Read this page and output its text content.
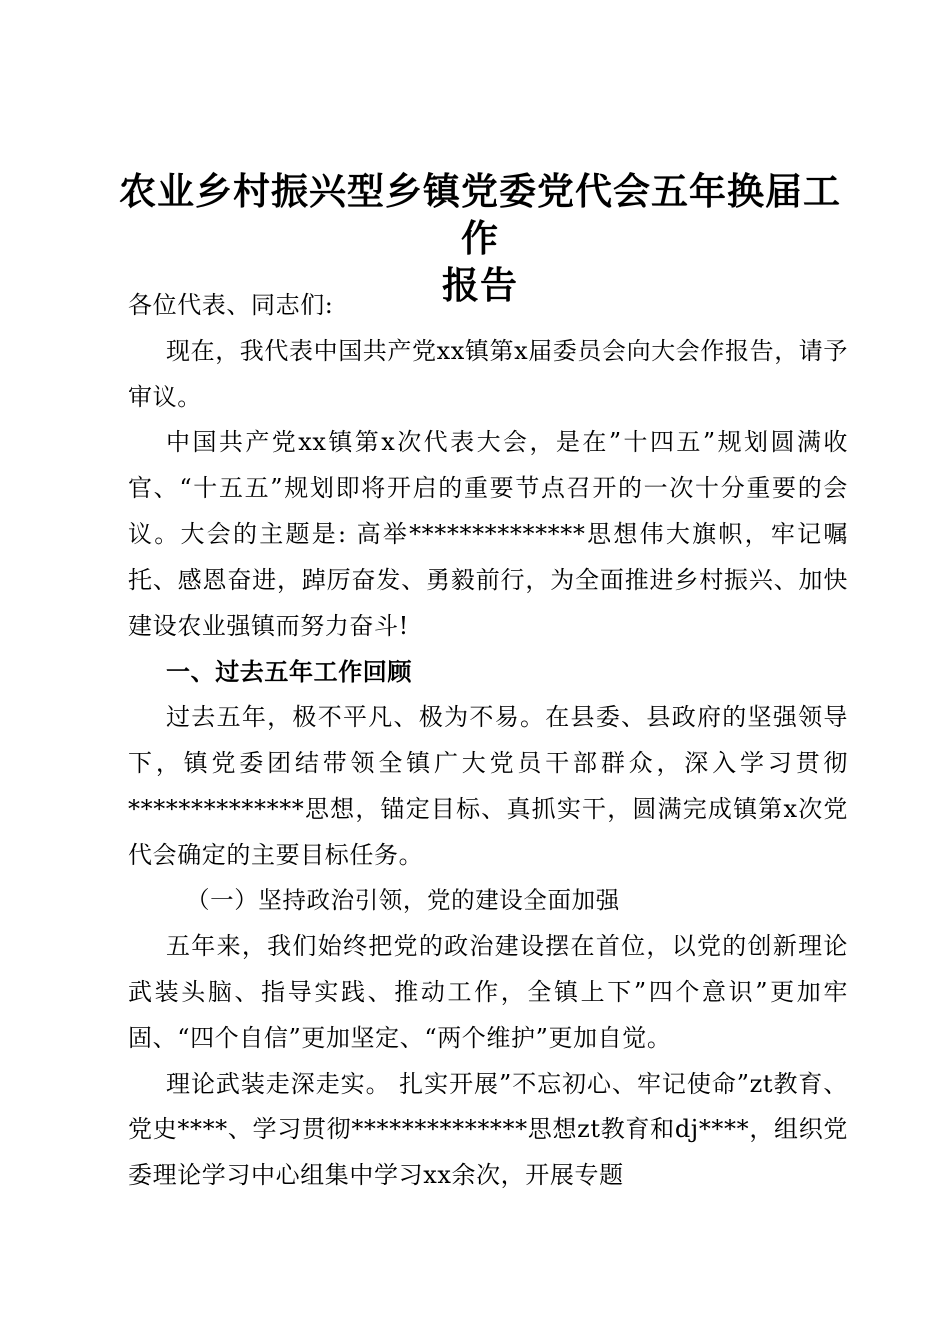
农业乡村振兴型乡镇党委党代会五年换届工作
报告

各位代表、同志们:

现在，我代表中国共产党xx镇第x届委员会向大会作报告，请予审议。

中国共产党xx镇第x次代表大会，是在”十四五”规划圆满收官、“十五五”规划即将开启的重要节点召开的一次十分重要的会议。大会的主题是: 高举**************思想伟大旗帜，牢记嘱托、感恩奋进，踔厉奋发、勇毅前行，为全面推进乡村振兴、加快建设农业强镇而努力奋斗!

一、过去五年工作回顾

过去五年，极不平凡、极为不易。在县委、县政府的坚强领导下，镇党委团结带领全镇广大党员干部群众，深入学习贯彻**************思想，锚定目标、真抓实干，圆满完成镇第x次党代会确定的主要目标任务。

（一）坚持政治引领，党的建设全面加强

五年来，我们始终把党的政治建设摆在首位，以党的创新理论武装头脑、指导实践、推动工作，全镇上下”四个意识”更加牢固、“四个自信”更加坚定、“两个维护”更加自觉。

理论武装走深走实。 扎实开展”不忘初心、牢记使命”zt教育、党史****、学习贯彻**************思想zt教育和dj****，组织党委理论学习中心组集中学习xx余次，开展专题
